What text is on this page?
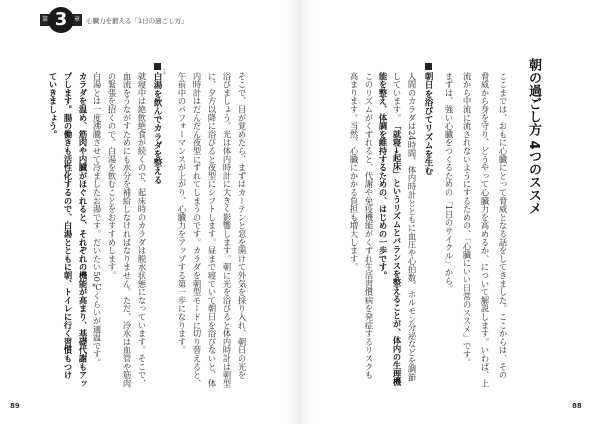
第 3	章 心臓力を鍛える「1日の過ごし方」
朝の過ごし方 4つのススメ
ここまでは、おもに心臓にとって脅威となる話をしてきました。ここからは、その
脅威から身を守り、どうやって心臓力を高めるか、について解説します。いわば、上
流から中流に流されないようにするための、「心臓にいい日常のススメ」です。
まずは、強い心臓をつくるための「1日のサイクル」から。
人間のカラダは24時間、体内時計とともに血圧や心拍数、ホルモン分泌などを調節
しています。「就寝→起床」というリズムとバランスを整えることが、体内の生理機
能を整え、体調を維持するための、はじめの一歩です。
このリズムがくずれると、代謝や免疫機能がくずれ生活習慣病を発症するリスクも
高まります。当然、心臓にかかる負担も増大します。	朝日を浴びてリズムを生む
そこで、目が覚めたら、まずはカーテンと窓を開けて外気を採り入れ、朝日の光を
浴びましょう。光は体内時計に大きく影響します。朝に光を浴びると体内時計は朝型
に、夕方以降に浴びると夜型にシフトします。昼まで寝ていて朝日を浴びないと、体
内時計はだんだん夜型にずれてしまうのです。カラダを朝型モードに切り替えると、
午前中のパフォーマンスが上がり、心臓力をアップする第一歩になります。
就寝中は絶飲絶食が続くので、起床時のカラダは脱水状態になっています。そこで、
血流をうながすためにも水分を補給しなければなりません。ただ、冷水は血管や筋肉
の緊張を招くので、白湯を飲むことをおすすめします。
白湯とは一度沸騰させて冷ましたお湯です。だいたい50℃くらいが適温です。
カラダを温め、筋肉や内臓がほぐれると、それぞれの機能が高まり、基礎代謝もアッ
プします。腸の働きも活性化するので、白湯とともに朝、トイレに行く習慣もつけ
ていきましょう。	白湯を飲んでカラダを整える
さゆ
89	88
